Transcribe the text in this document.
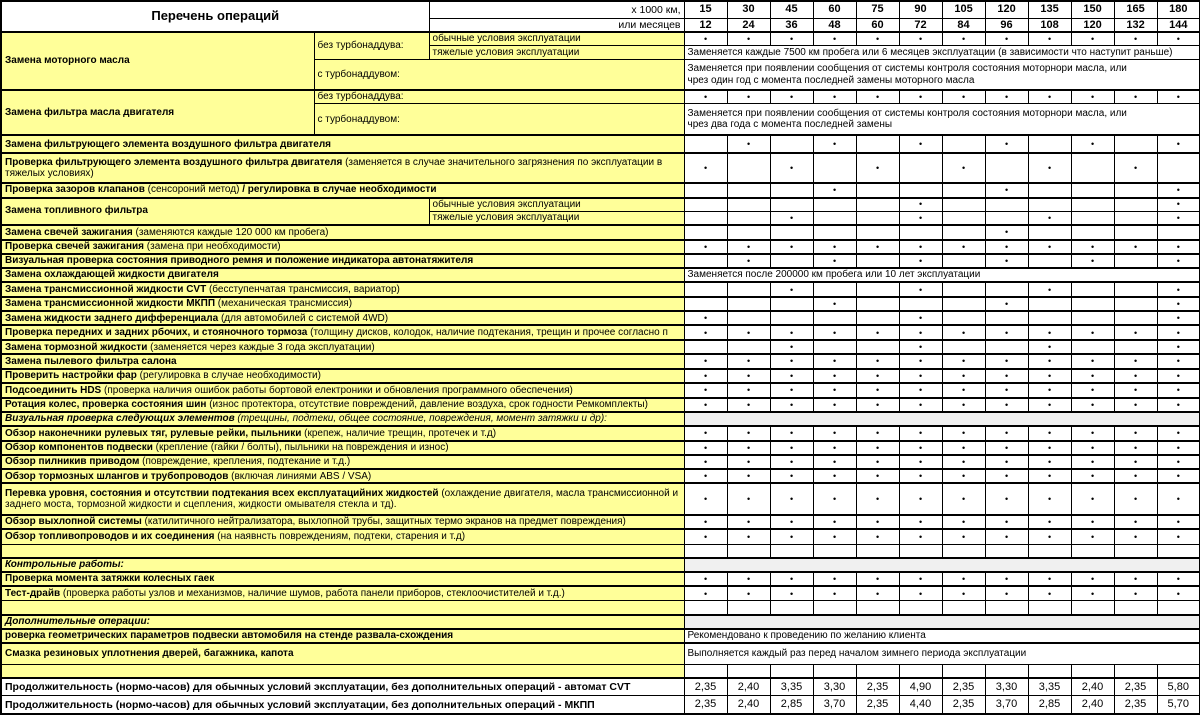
Перечень операций		х 1000 км,	15	30	45	60	75	90	105	120	135	150	165	180
		или месяцев	12	24	36	48	60	72	84	96	108	120	132	144
Замена моторного масла	без турбонаддува:	обычные условия эксплуатации	•	•	•	•	•	•	•	•	•	•	•	•
		тяжелые условия эксплуатации	Заменяется каждые 7500 км пробега или 6 месяцев эксплуатации (в зависимости что наступит раньше)											

	с турбонаддувом:		Заменяется при появлении сообщения от системы контроля состояния моторнори масла, или
чрез один год с момента последней замены моторного масла											

Замена фильтра масла двигателя	без турбонаддува:		•	•	•	•	•	•	•	•	•	•	•	•
	с турбонаддувом:		Заменяется при появлении сообщения от системы контроля состояния моторнори масла, или
чрез два года с момента последней замены											

Замена фильтрующего элемента воздушного фильтра двигателя				•		•		•		•		•		•
Проверка фильтрующего элемента воздушного фильтра двигателя (заменяется в случае значительного загрязнения по эксплуатации в тяжелых условиях)			•		•		•		•		•		•	
Проверка зазоров клапанов (сенсороний метод) / регулировка в случае необходимости						•				•				•
Замена топливного фильтра		обычные условия эксплуатации						•						•
		тяжелые условия эксплуатации			•			•			•			•
Замена свечей зажигания (заменяются каждые 120 000 км пробега)										•				
Проверка свечей зажигания (замена при необходимости)			•	•	•	•	•	•	•	•	•	•	•	•
Визуальная проверка состояния приводного ремня и положение индикатора автонатяжителя				•		•		•		•		•		•
Замена охлаждающей жидкости двигателя			Заменяется после 200000 км пробега или 10 лет эксплуатации											

Замена трансмиссионной жидкости CVT (бесступенчатая трансмиссия, вариатор)					•			•			•			•
Замена трансмиссионной жидкости МКПП (механическая трансмиссия)						•				•				•
Замена жидкости заднего дифференциала (для автомобилей с системой 4WD)			•					•						•
Проверка передних и задних рбочих, и стояночного тормоза (толщину дисков, колодок, наличие подтекания, трещин и прочее согласно п			•	•	•	•	•	•	•	•	•	•	•	•
Замена тормозной жидкости (заменяется через каждые 3 года эксплуатации)					•			•			•			•
Замена пылевого фильтра салона			•	•	•	•	•	•	•	•	•	•	•	•
Проверить настройки фар (регулировка в случае необходимости)			•	•	•	•	•	•	•	•	•	•	•	•
Подсоединить HDS (проверка наличия ошибок работы бортовой електроники и обновления программного обеспечения)			•	•	•	•	•	•	•	•	•	•	•	•
Ротация колес, проверка состояния шин (износ протектора, отсутствие повреждений, давление воздуха, срок годности Ремкомплекты)			•	•	•	•	•	•	•	•	•	•	•	•
Визуальная проверка следующих элементов (трещины, подтеки, общее состояние, повреждения, момент затяжки и др):														
Обзор наконечники рулевых тяг, рулевые рейки, пыльники (крепеж, наличие трещин, протечек и т.д)			•	•	•	•	•	•	•	•	•	•	•	•
Обзор компонентов подвески (крепление (гайки / болты), пыльники на повреждения и износ)			•	•	•	•	•	•	•	•	•	•	•	•
Обзор пилникив приводом (повреждение, крепления, подтекание и т.д.)			•	•	•	•	•	•	•	•	•	•	•	•
Обзор тормозных шлангов и трубопроводов (включая линиями ABS / VSA)			•	•	•	•	•	•	•	•	•	•	•	•
Перевка уровня, состояния и отсутствии подтекания всех експлуатацийних жидкостей (охлаждение двигателя, масла трансмиссионной и заднего моста, тормозной жидкости и сцепления, жидкости омывателя стекла и тд).			•	•	•	•	•	•	•	•	•	•	•	•
Обзор выхлопной системы (катилитичного нейтрализатора, выхлопной трубы, защитных термо экранов на предмет повреждения)			•	•	•	•	•	•	•	•	•	•	•	•
Обзор топливопроводов и их соединения (на наявнсть повреждениям, подтеки, старения и т.д)			•	•	•	•	•	•	•	•	•	•	•	•

Контрольные работы:														
Проверка момента затяжки колесных гаек			•	•	•	•	•	•	•	•	•	•	•	•
Тест-драйв (проверка работы узлов и механизмов, наличие шумов, работа панели приборов, стеклоочистителей и т.д.)			•	•	•	•	•	•	•	•	•	•	•	•

Дополнительные операции:														
роверка геометрических параметров подвески автомобиля на стенде развала-схождения			Рекомендовано к проведению по желанию клиента											

Смазка резиновых уплотнения дверей, багажника, капота			Выполняется каждый раз перед началом зимнего периода эксплуатации											

Продолжительность (нормо-часов) для обычных условий эксплуатации, без дополнительных операций - автомат CVT			2,35	2,40	3,35	3,30	2,35	4,90	2,35	3,30	3,35	2,40	2,35	5,80
Продолжительность (нормо-часов) для обычных условий эксплуатации, без дополнительных операций - МКПП			2,35	2,40	2,85	3,70	2,35	4,40	2,35	3,70	2,85	2,40	2,35	5,70
